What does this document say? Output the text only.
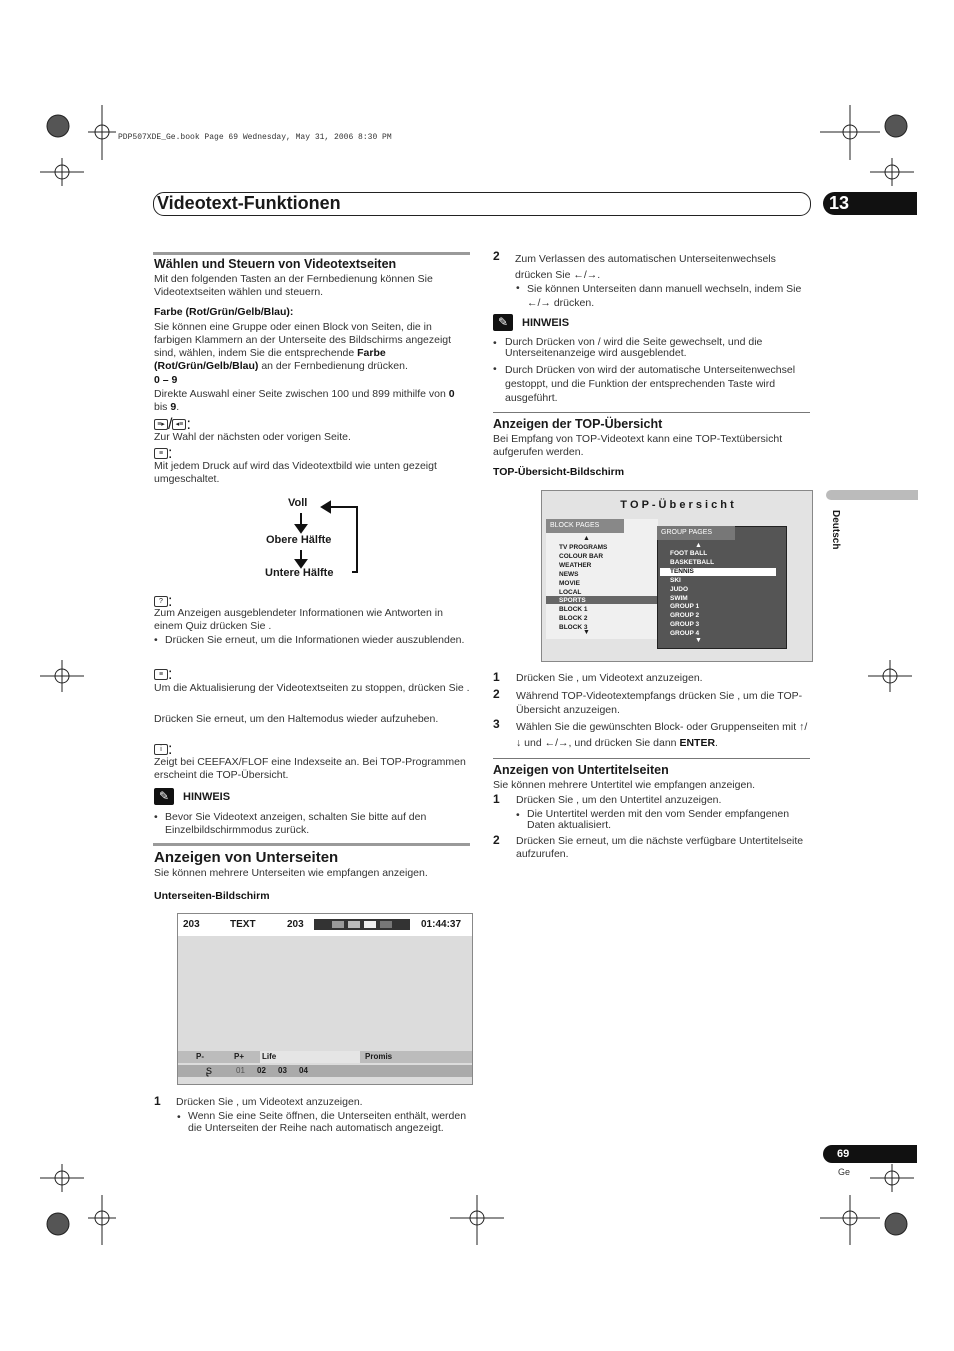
PDP507XDE_Ge.book Page 69 Wednesday, May 31, 2006 8:30 PM
Videotext-Funktionen	13
Deutsch
Wählen und Steuern von Videotextseiten
Mit den folgenden Tasten an der Fernbedienung können Sie Videotextseiten wählen und steuern.
Farbe (Rot/Grün/Gelb/Blau):
Sie können eine Gruppe oder einen Block von Seiten, die in farbigen Klammern an der Unterseite des Bildschirms angezeigt sind, wählen, indem Sie die entsprechende Farbe (Rot/Grün/Gelb/Blau) an der Fernbedienung drücken.
0 – 9
Direkte Auswahl einer Seite zwischen 100 und 899 mithilfe von 0 bis 9.
≡▸ / ◂≡ :
Zur Wahl der nächsten oder vorigen Seite.
≡ :
Mit jedem Druck auf wird das Videotextbild wie unten gezeigt umgeschaltet.
Voll
Obere Hälfte
Untere Hälfte
? :
Zum Anzeigen ausgeblendeter Informationen wie Antworten in einem Quiz drücken Sie .
• Drücken Sie erneut, um die Informationen wieder auszublenden.
≡ :
Um die Aktualisierung der Videotextseiten zu stoppen, drücken Sie .
Drücken Sie erneut, um den Haltemodus wieder aufzuheben.
i :
Zeigt bei CEEFAX/FLOF eine Indexseite an. Bei TOP-Programmen erscheint die TOP-Übersicht.
✎	HINWEIS
• Bevor Sie Videotext anzeigen, schalten Sie bitte auf den Einzelbildschirmmodus zurück.
Anzeigen von Unterseiten
Sie können mehrere Unterseiten wie empfangen anzeigen.
Unterseiten-Bildschirm
203	TEXT	203	01:44:37
P-	P+ Life	Promis
ʂ	01 02 03 04
1 Drücken Sie , um Videotext anzuzeigen.
• Wenn Sie eine Seite öffnen, die Unterseiten enthält, werden die Unterseiten der Reihe nach automatisch angezeigt.
2 Zum Verlassen des automatischen Unterseitenwechsels drücken Sie ←/→.
• Sie können Unterseiten dann manuell wechseln, indem Sie ←/→ drücken.
✎	HINWEIS
• Durch Drücken von / wird die Seite gewechselt, und die Unterseitenanzeige wird ausgeblendet.
• Durch Drücken von wird der automatische Unterseitenwechsel gestoppt, und die Funktion der entsprechenden Taste wird ausgeführt.
Anzeigen der TOP-Übersicht
Bei Empfang von TOP-Videotext kann eine TOP-Textübersicht aufgerufen werden.
TOP-Übersicht-Bildschirm
T O P - Ü b e r s i c h t
BLOCK PAGES
▲
TV PROGRAMS
COLOUR BAR
WEATHER
NEWS
MOVIE
LOCAL
SPORTS
BLOCK 1
BLOCK 2
BLOCK 3
▼
GROUP PAGES
▲
FOOT BALL
BASKETBALL
TENNIS
SKI
JUDO
SWIM
GROUP 1
GROUP 2
GROUP 3
GROUP 4
▼
1 Drücken Sie , um Videotext anzuzeigen.
2 Während TOP-Videotextempfangs drücken Sie , um die TOP-Übersicht anzuzeigen.
3 Wählen Sie die gewünschten Block- oder Gruppenseiten mit ↑/↓ und ←/→, und drücken Sie dann ENTER.
Anzeigen von Untertitelseiten
Sie können mehrere Untertitel wie empfangen anzeigen.
1 Drücken Sie , um den Untertitel anzuzeigen.
• Die Untertitel werden mit den vom Sender empfangenen Daten aktualisiert.
2 Drücken Sie erneut, um die nächste verfügbare Untertitelseite aufzurufen.
69
Ge
